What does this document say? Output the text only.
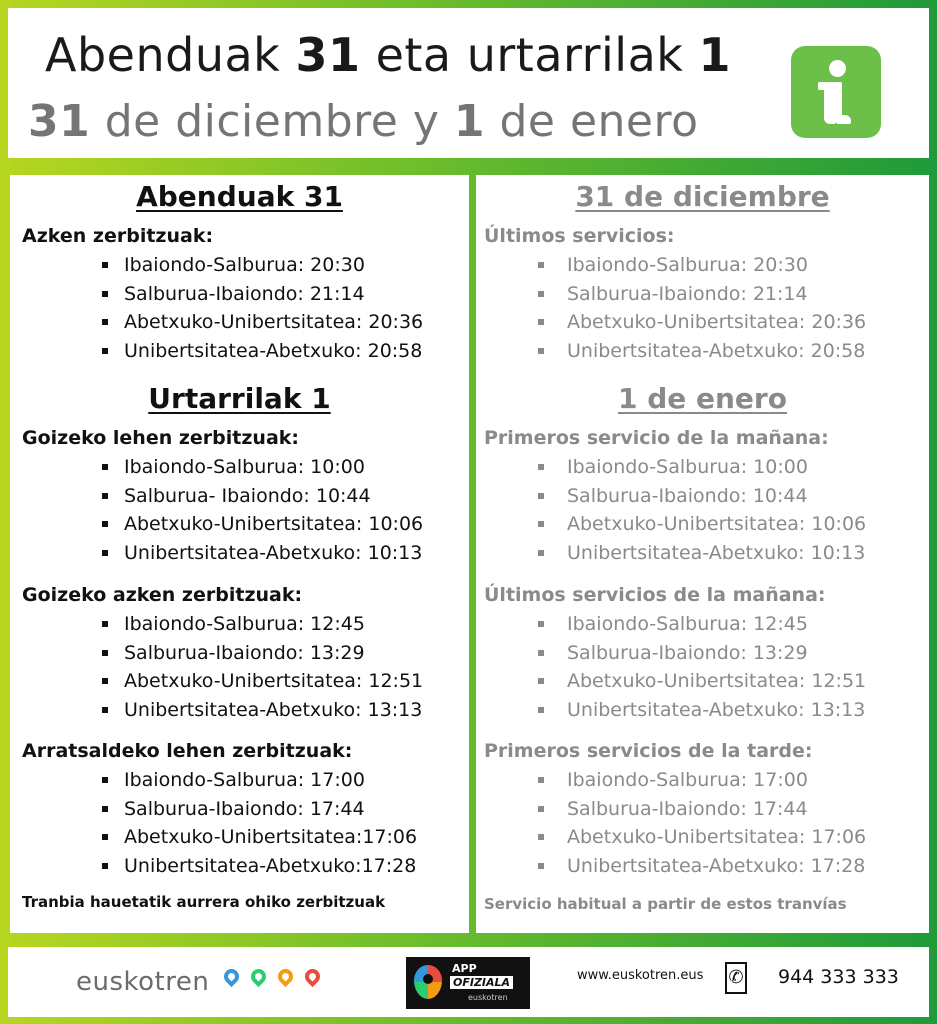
Abenduak 31 eta urtarrilak 1
31 de diciembre y 1 de enero

Abenduak 31

Azken zerbitzuak:

Ibaiondo-Salburua: 20:30
Salburua-Ibaiondo: 21:14
Abetxuko-Unibertsitatea: 20:36
Unibertsitatea-Abetxuko: 20:58

Urtarrilak 1

Goizeko lehen zerbitzuak:

Ibaiondo-Salburua: 10:00
Salburua- Ibaiondo: 10:44
Abetxuko-Unibertsitatea: 10:06
Unibertsitatea-Abetxuko: 10:13

Goizeko azken zerbitzuak:

Ibaiondo-Salburua: 12:45
Salburua-Ibaiondo: 13:29
Abetxuko-Unibertsitatea: 12:51
Unibertsitatea-Abetxuko: 13:13

Arratsaldeko lehen zerbitzuak:

Ibaiondo-Salburua: 17:00
Salburua-Ibaiondo: 17:44
Abetxuko-Unibertsitatea:17:06
Unibertsitatea-Abetxuko:17:28
Tranbia hauetatik aurrera ohiko zerbitzuak

31 de diciembre

Últimos servicios:

Ibaiondo-Salburua: 20:30
Salburua-Ibaiondo: 21:14
Abetxuko-Unibertsitatea: 20:36
Unibertsitatea-Abetxuko: 20:58

1 de enero

Primeros servicio de la mañana:

Ibaiondo-Salburua: 10:00
Salburua-Ibaiondo: 10:44
Abetxuko-Unibertsitatea: 10:06
Unibertsitatea-Abetxuko: 10:13

Últimos servicios de la mañana:

Ibaiondo-Salburua: 12:45
Salburua-Ibaiondo: 13:29
Abetxuko-Unibertsitatea: 12:51
Unibertsitatea-Abetxuko: 13:13

Primeros servicios de la tarde:

Ibaiondo-Salburua: 17:00
Salburua-Ibaiondo: 17:44
Abetxuko-Unibertsitatea: 17:06
Unibertsitatea-Abetxuko: 17:28
Servicio habitual a partir de estos tranvías
euskotren	APP
OFIZIALA
euskotren
www.euskotren.eus ✆ 944 333 333
